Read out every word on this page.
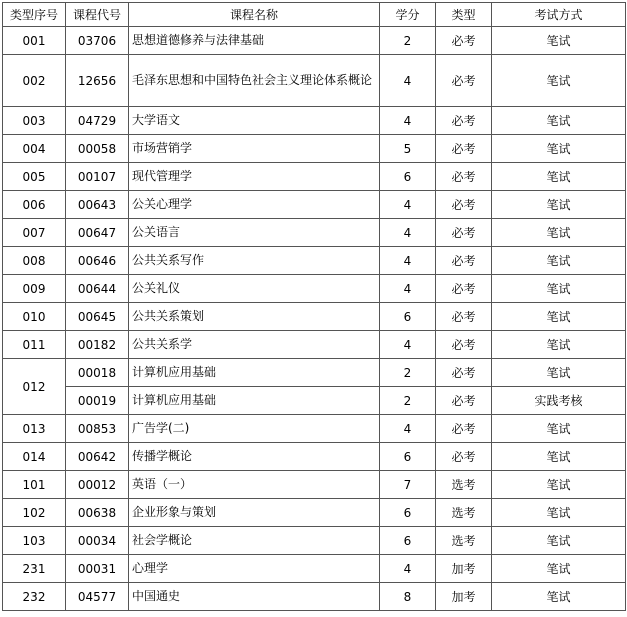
类型序号	课程代号	课程名称	学分	类型	考试方式
001	03706	思想道德修养与法律基础	2	必考	笔试
002	12656	毛泽东思想和中国特色社会主义理论体系概论	4	必考	笔试
003	04729	大学语文	4	必考	笔试
004	00058	市场营销学	5	必考	笔试
005	00107	现代管理学	6	必考	笔试
006	00643	公关心理学	4	必考	笔试
007	00647	公关语言	4	必考	笔试
008	00646	公共关系写作	4	必考	笔试
009	00644	公关礼仪	4	必考	笔试
010	00645	公共关系策划	6	必考	笔试
011	00182	公共关系学	4	必考	笔试
012	00018	计算机应用基础	2	必考	笔试
	00019	计算机应用基础	2	必考	实践考核
013	00853	广告学(二)	4	必考	笔试
014	00642	传播学概论	6	必考	笔试
101	00012	英语（一）	7	选考	笔试
102	00638	企业形象与策划	6	选考	笔试
103	00034	社会学概论	6	选考	笔试
231	00031	心理学	4	加考	笔试
232	04577	中国通史	8	加考	笔试
